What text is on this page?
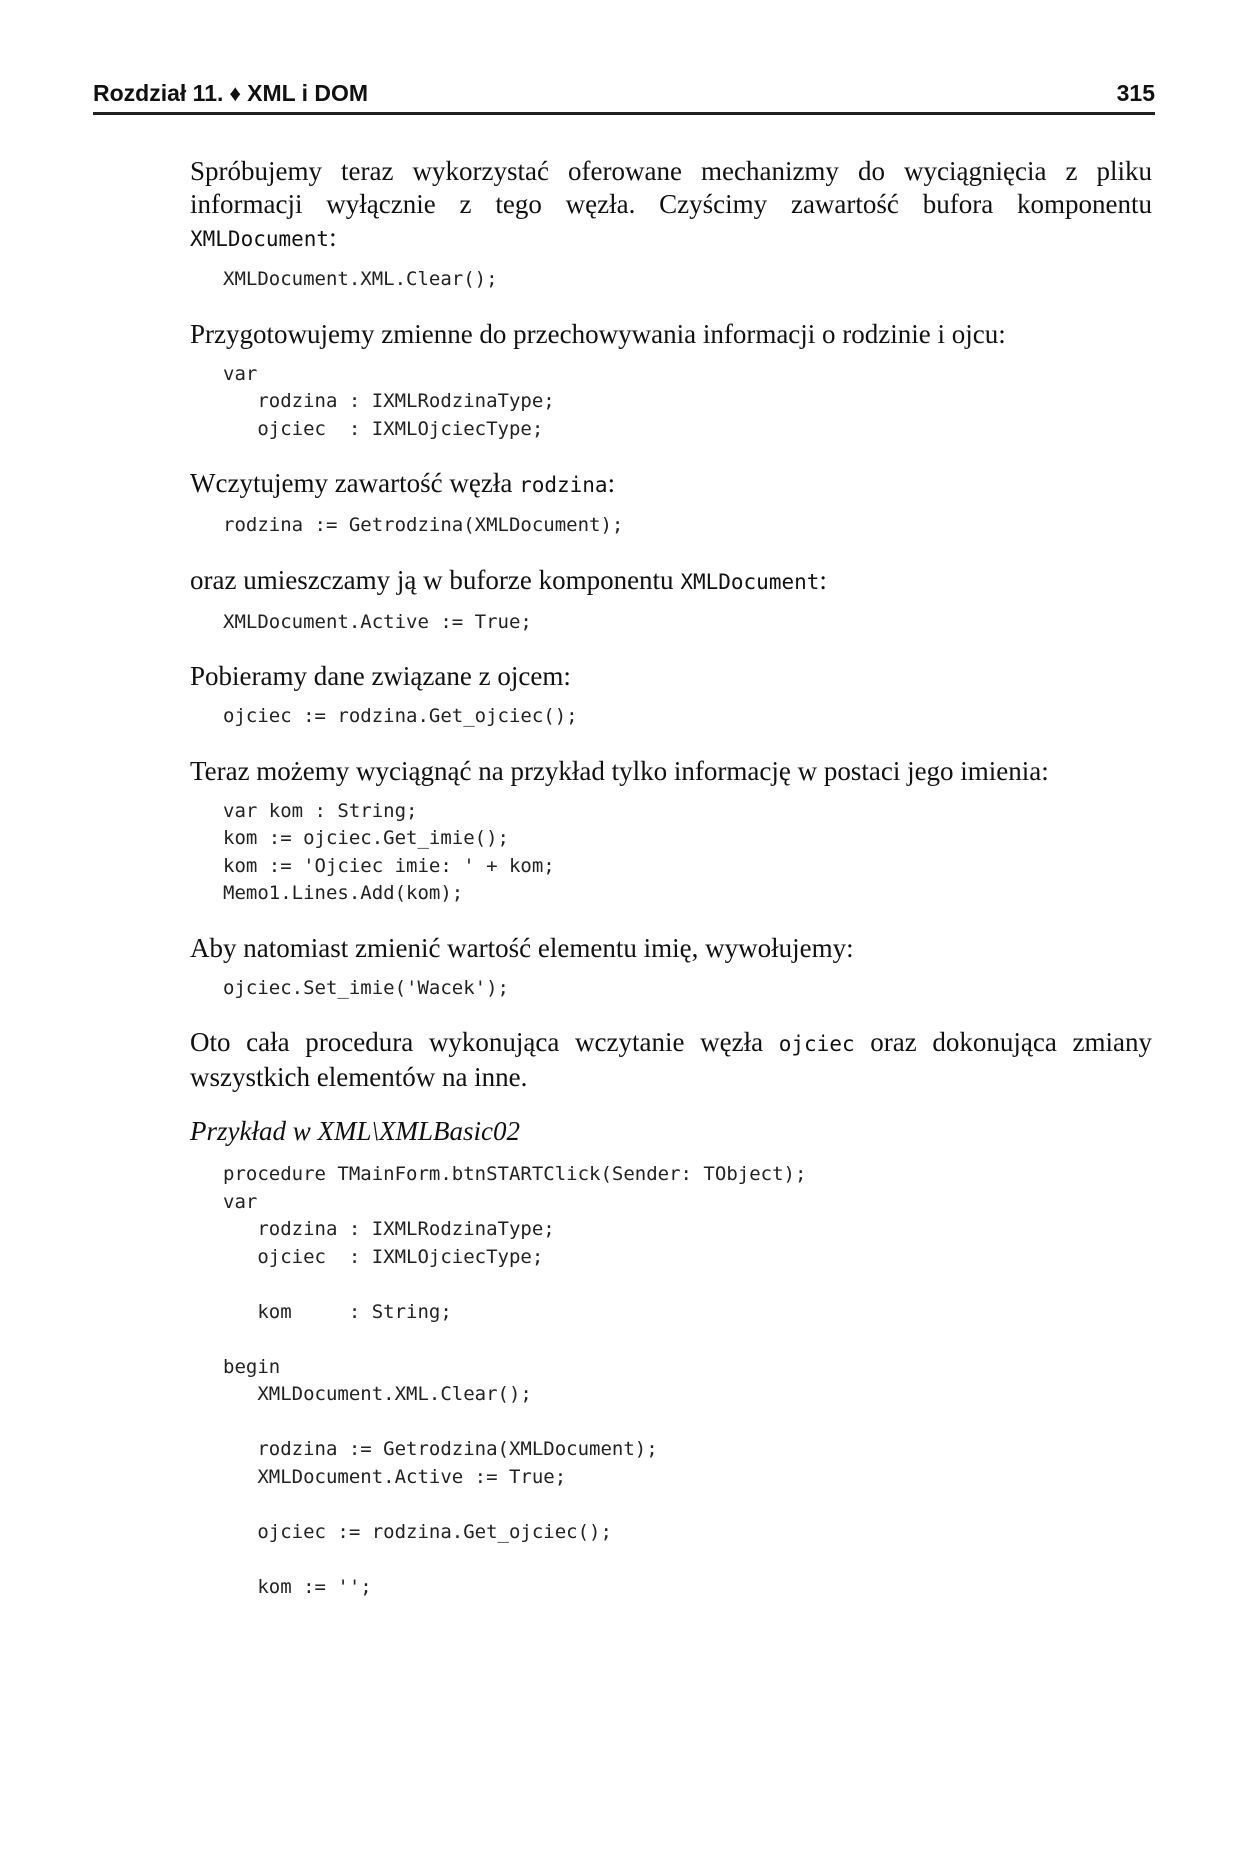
Rozdział 11. ♦ XML i DOM	315

Spróbujemy teraz wykorzystać oferowane mechanizmy do wyciągnięcia z pliku informacji wyłącznie z tego węzła. Czyścimy zawartość bufora komponentu XMLDocument:

XMLDocument.XML.Clear();

Przygotowujemy zmienne do przechowywania informacji o rodzinie i ojcu:

var
rodzina : IXMLRodzinaType;
ojciec  : IXMLOjciecType;

Wczytujemy zawartość węzła rodzina:

rodzina := Getrodzina(XMLDocument);

oraz umieszczamy ją w buforze komponentu XMLDocument:

XMLDocument.Active := True;

Pobieramy dane związane z ojcem:

ojciec := rodzina.Get_ojciec();

Teraz możemy wyciągnąć na przykład tylko informację w postaci jego imienia:

var kom : String;
kom := ojciec.Get_imie();
kom := 'Ojciec imie: ' + kom;
Memo1.Lines.Add(kom);

Aby natomiast zmienić wartość elementu imię, wywołujemy:

ojciec.Set_imie('Wacek');

Oto cała procedura wykonująca wczytanie węzła ojciec oraz dokonująca zmiany wszystkich elementów na inne.

Przykład w XML\XMLBasic02

procedure TMainForm.btnSTARTClick(Sender: TObject);
var
rodzina : IXMLRodzinaType;
ojciec  : IXMLOjciecType;
kom     : String;
begin
XMLDocument.XML.Clear();
rodzina := Getrodzina(XMLDocument);
XMLDocument.Active := True;
ojciec := rodzina.Get_ojciec();
kom := '';
